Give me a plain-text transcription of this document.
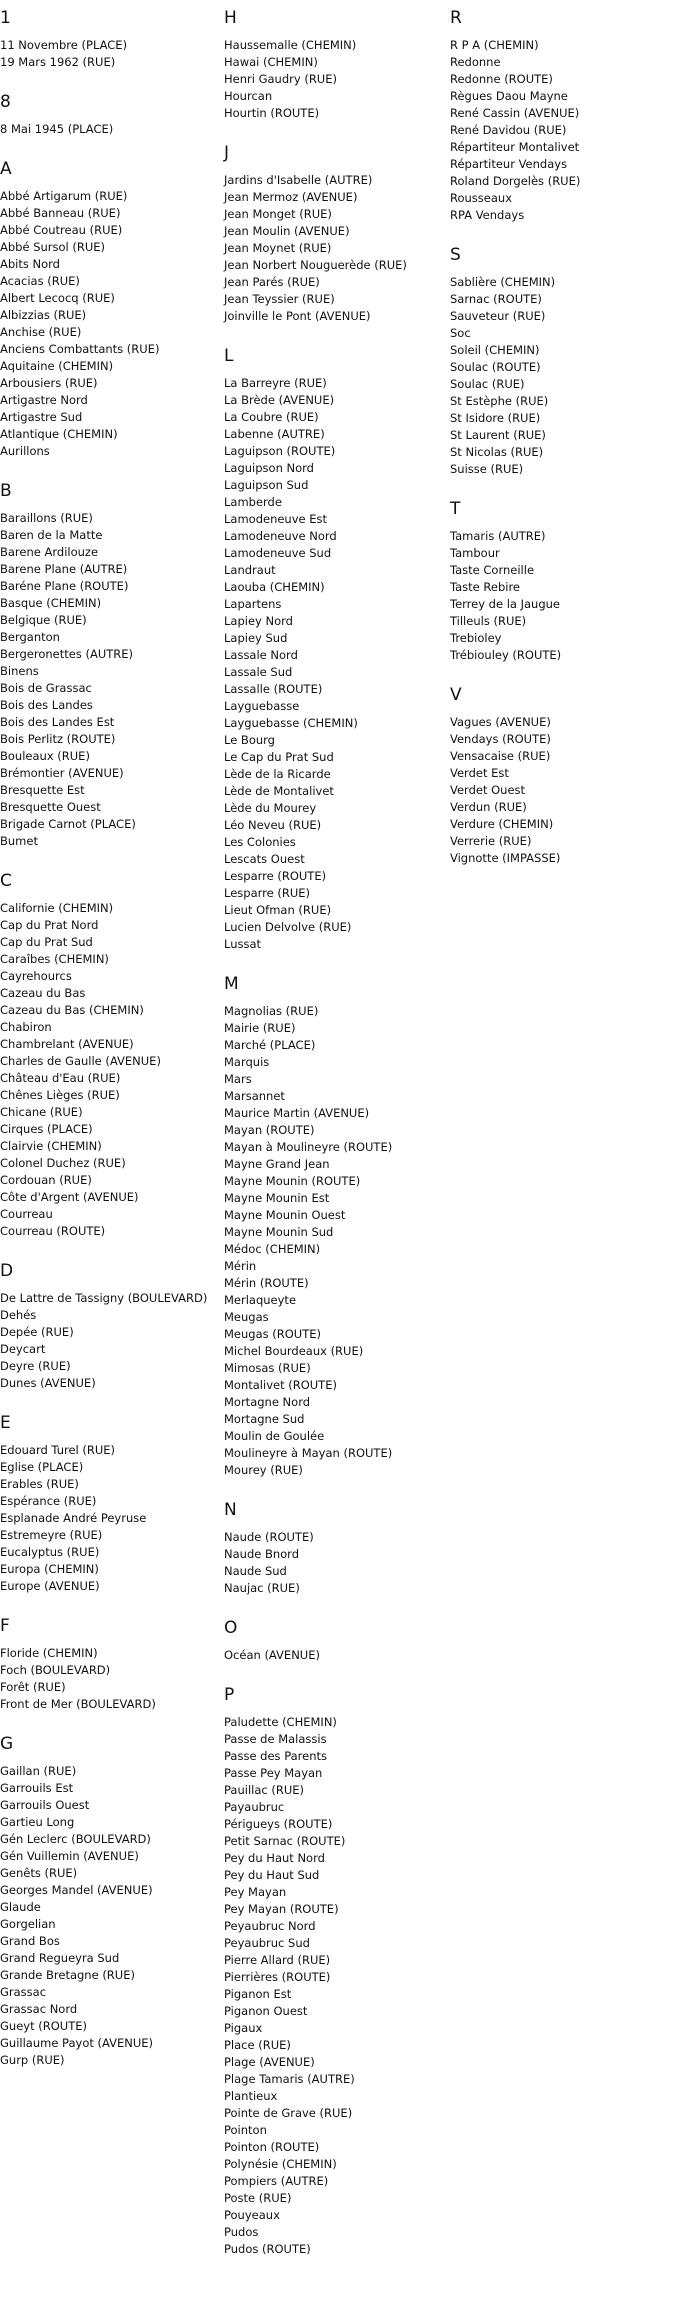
1
11 Novembre (PLACE)
19 Mars 1962 (RUE)
8
8 Mai 1945 (PLACE)
A
Abbé Artigarum (RUE)
Abbé Banneau (RUE)
Abbé Coutreau (RUE)
Abbé Sursol (RUE)
Abits Nord
Acacias (RUE)
Albert Lecocq (RUE)
Albizzias (RUE)
Anchise (RUE)
Anciens Combattants (RUE)
Aquitaine (CHEMIN)
Arbousiers (RUE)
Artigastre Nord
Artigastre Sud
Atlantique (CHEMIN)
Aurillons
B
Baraillons (RUE)
Baren de la Matte
Barene Ardilouze
Barene Plane (AUTRE)
Baréne Plane (ROUTE)
Basque (CHEMIN)
Belgique (RUE)
Berganton
Bergeronettes (AUTRE)
Binens
Bois de Grassac
Bois des Landes
Bois des Landes Est
Bois Perlitz (ROUTE)
Bouleaux (RUE)
Brémontier (AVENUE)
Bresquette Est
Bresquette Ouest
Brigade Carnot (PLACE)
Bumet
C
Californie (CHEMIN)
Cap du Prat Nord
Cap du Prat Sud
Caraîbes (CHEMIN)
Cayrehourcs
Cazeau du Bas
Cazeau du Bas (CHEMIN)
Chabiron
Chambrelant (AVENUE)
Charles de Gaulle (AVENUE)
Château d'Eau (RUE)
Chênes Lièges (RUE)
Chicane (RUE)
Cirques (PLACE)
Clairvie (CHEMIN)
Colonel Duchez (RUE)
Cordouan (RUE)
Côte d'Argent (AVENUE)
Courreau
Courreau (ROUTE)
D
De Lattre de Tassigny (BOULEVARD)
Dehés
Depée (RUE)
Deycart
Deyre (RUE)
Dunes (AVENUE)
E
Edouard Turel (RUE)
Eglise (PLACE)
Erables (RUE)
Espérance (RUE)
Esplanade André Peyruse
Estremeyre (RUE)
Eucalyptus (RUE)
Europa (CHEMIN)
Europe (AVENUE)
F
Floride (CHEMIN)
Foch (BOULEVARD)
Forêt (RUE)
Front de Mer (BOULEVARD)
G
Gaillan (RUE)
Garrouils Est
Garrouils Ouest
Gartieu Long
Gén Leclerc (BOULEVARD)
Gén Vuillemin (AVENUE)
Genêts (RUE)
Georges Mandel (AVENUE)
Glaude
Gorgelian
Grand Bos
Grand Regueyra Sud
Grande Bretagne (RUE)
Grassac
Grassac Nord
Gueyt (ROUTE)
Guillaume Payot (AVENUE)
Gurp (RUE)
H
Haussemalle (CHEMIN)
Hawai (CHEMIN)
Henri Gaudry (RUE)
Hourcan
Hourtin (ROUTE)
J
Jardins d'Isabelle (AUTRE)
Jean Mermoz (AVENUE)
Jean Monget (RUE)
Jean Moulin (AVENUE)
Jean Moynet (RUE)
Jean Norbert Nouguerède (RUE)
Jean Parés (RUE)
Jean Teyssier (RUE)
Joinville le Pont (AVENUE)
L
La Barreyre (RUE)
La Brède (AVENUE)
La Coubre (RUE)
Labenne (AUTRE)
Laguipson (ROUTE)
Laguipson Nord
Laguipson Sud
Lamberde
Lamodeneuve Est
Lamodeneuve Nord
Lamodeneuve Sud
Landraut
Laouba (CHEMIN)
Lapartens
Lapiey Nord
Lapiey Sud
Lassale Nord
Lassale Sud
Lassalle (ROUTE)
Layguebasse
Layguebasse (CHEMIN)
Le Bourg
Le Cap du Prat Sud
Lède de la Ricarde
Lède de Montalivet
Lède du Mourey
Léo Neveu (RUE)
Les Colonies
Lescats Ouest
Lesparre (ROUTE)
Lesparre (RUE)
Lieut Ofman (RUE)
Lucien Delvolve (RUE)
Lussat
M
Magnolias (RUE)
Mairie (RUE)
Marché (PLACE)
Marquis
Mars
Marsannet
Maurice Martin (AVENUE)
Mayan (ROUTE)
Mayan à Moulineyre (ROUTE)
Mayne Grand Jean
Mayne Mounin (ROUTE)
Mayne Mounin Est
Mayne Mounin Ouest
Mayne Mounin Sud
Médoc (CHEMIN)
Mérin
Mérin (ROUTE)
Merlaqueyte
Meugas
Meugas (ROUTE)
Michel Bourdeaux (RUE)
Mimosas (RUE)
Montalivet (ROUTE)
Mortagne Nord
Mortagne Sud
Moulin de Goulée
Moulineyre à Mayan (ROUTE)
Mourey (RUE)
N
Naude (ROUTE)
Naude Bnord
Naude Sud
Naujac (RUE)
O
Océan (AVENUE)
P
Paludette (CHEMIN)
Passe de Malassis
Passe des Parents
Passe Pey Mayan
Pauillac (RUE)
Payaubruc
Périgueys (ROUTE)
Petit Sarnac (ROUTE)
Pey du Haut Nord
Pey du Haut Sud
Pey Mayan
Pey Mayan (ROUTE)
Peyaubruc Nord
Peyaubruc Sud
Pierre Allard (RUE)
Pierrières (ROUTE)
Piganon Est
Piganon Ouest
Pigaux
Place (RUE)
Plage (AVENUE)
Plage Tamaris (AUTRE)
Plantieux
Pointe de Grave (RUE)
Pointon
Pointon (ROUTE)
Polynésie (CHEMIN)
Pompiers (AUTRE)
Poste (RUE)
Pouyeaux
Pudos
Pudos (ROUTE)
R
R P A (CHEMIN)
Redonne
Redonne (ROUTE)
Règues Daou Mayne
René Cassin (AVENUE)
René Davidou (RUE)
Répartiteur Montalivet
Répartiteur Vendays
Roland Dorgelès (RUE)
Rousseaux
RPA Vendays
S
Sablière (CHEMIN)
Sarnac (ROUTE)
Sauveteur (RUE)
Soc
Soleil (CHEMIN)
Soulac (ROUTE)
Soulac (RUE)
St Estèphe (RUE)
St Isidore (RUE)
St Laurent (RUE)
St Nicolas (RUE)
Suisse (RUE)
T
Tamaris (AUTRE)
Tambour
Taste Corneille
Taste Rebire
Terrey de la Jaugue
Tilleuls (RUE)
Trebioley
Trébiouley (ROUTE)
V
Vagues (AVENUE)
Vendays (ROUTE)
Vensacaise (RUE)
Verdet Est
Verdet Ouest
Verdun (RUE)
Verdure (CHEMIN)
Verrerie (RUE)
Vignotte (IMPASSE)
